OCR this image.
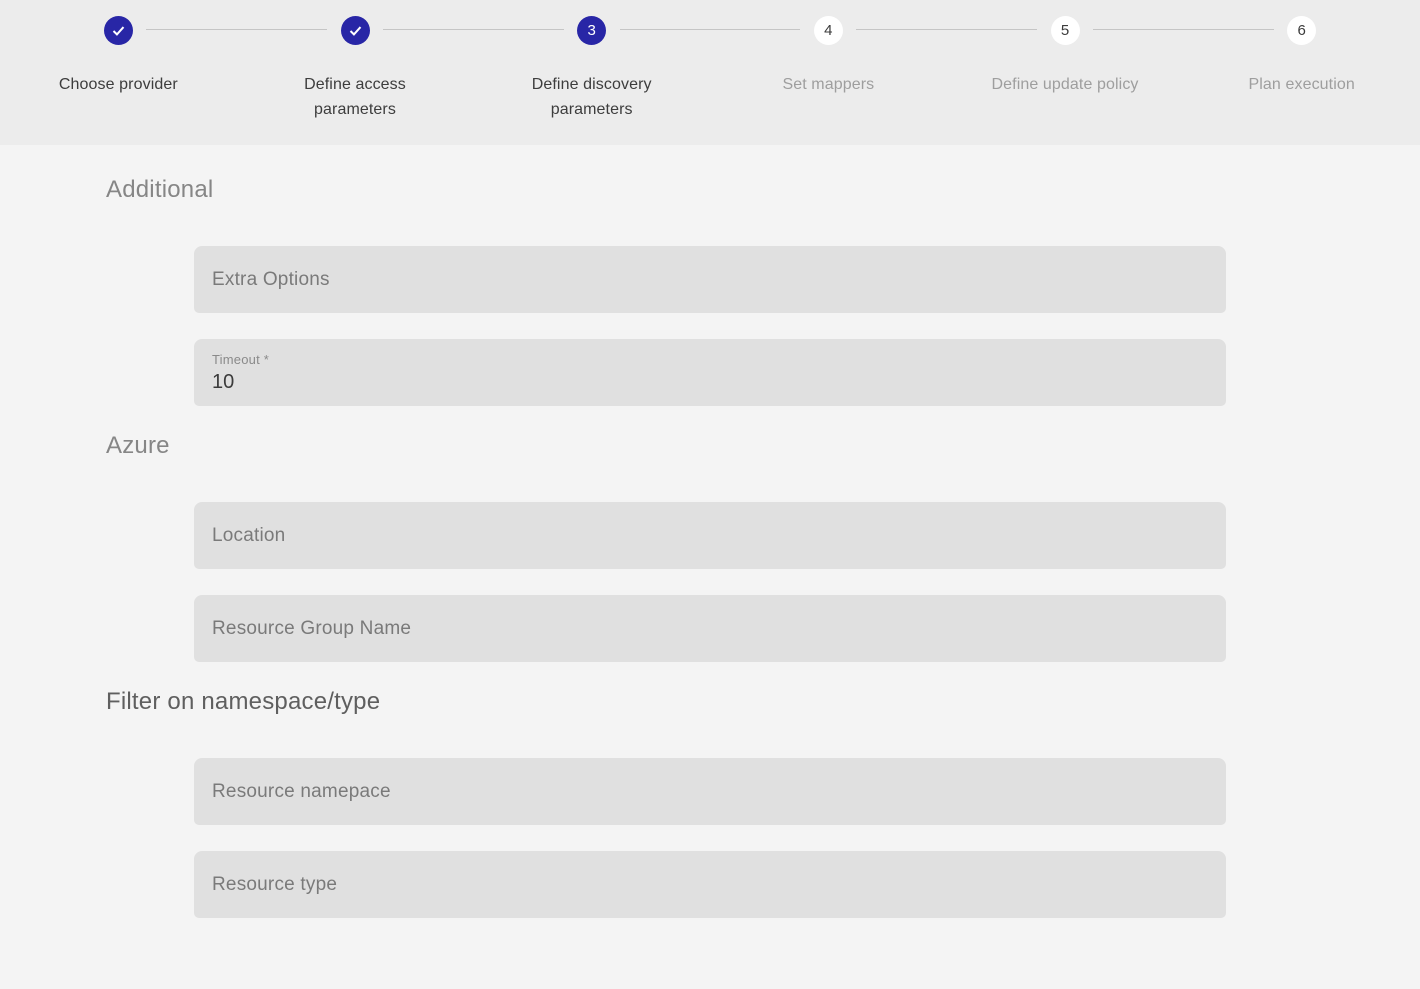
Choose provider	Define access parameters
3
Define discovery parameters
4
Set mappers
5
Define update policy
6
Plan execution
Additional
Extra Options
Timeout *
10
Azure
Location
Resource Group Name
Filter on namespace/type
Resource namepace
Resource type
